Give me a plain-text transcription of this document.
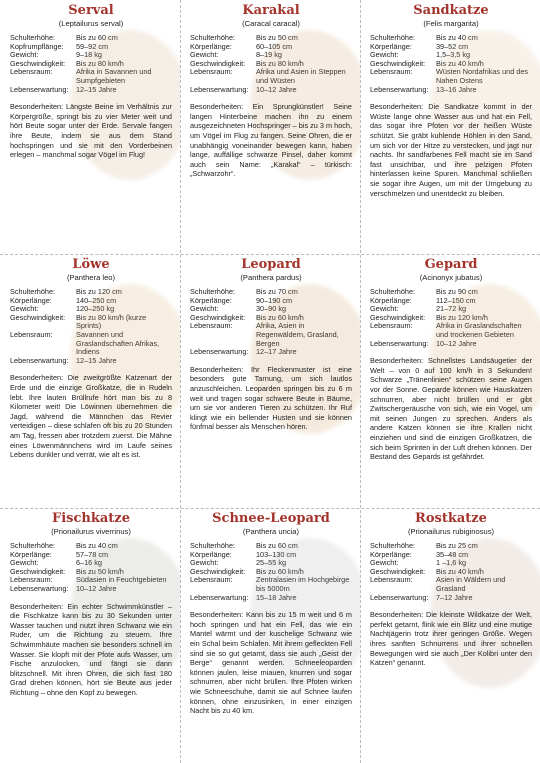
Serval
(Leptailurus serval)
Schulterhöhe:	Bis zu 60 cm
Kopfrumpflänge:	59–92 cm
Gewicht:	9–18 kg
Geschwindigkeit:	Bis zu 80 km/h
Lebensraum:	Afrika in Savannen und Sumpfgebieten
Lebenserwartung:	12–15 Jahre
Besonderheiten: Längste Beine im Verhältnis zur Körpergröße, springt bis zu vier Meter weit und hört Beute sogar unter der Erde. Servale fangen ihre Beute, indem sie aus dem Stand hochspringen und sie mit den Vorderbeinen erlegen – manchmal sogar Vögel im Flug!
Karakal
(Caracal caracal)
Schulterhöhe:	Bis zu 50 cm
Körperlänge:	60–105 cm
Gewicht:	8–19 kg
Geschwindigkeit:	Bis zu 80 km/h
Lebensraum:	Afrika und Asien in Steppen und Wüsten
Lebenserwartung:	10–12 Jahre
Besonderheiten: Ein Sprungkünstler! Seine langen Hinterbeine machen ihn zu einem ausgezeichneten Hochspringer – bis zu 3 m hoch, um Vögel im Flug zu fangen. Seine Ohren, die er unabhängig voneinander bewegen kann, haben lange, auffällige schwarze Pinsel, daher kommt auch sein Name: „Karakal“ – türkisch: „Schwarzohr“.
Sandkatze
(Felis margarita)
Schulterhöhe:	Bis zu 40 cm
Körperlänge:	39–52 cm
Gewicht:	1,5–3,5 kg
Geschwindigkeit:	Bis zu 40 km/h
Lebensraum:	Wüsten Nordafrikas und des Nahen Ostens
Lebenserwartung:	13–16 Jahre
Besonderheiten: Die Sandkatze kommt in der Wüste lange ohne Wasser aus und hat ein Fell, das sogar ihre Pfoten vor der heißen Wüste schützt. Sie gräbt kuhlende Höhlen in den Sand, um sich vor der Hitze zu verstecken, und jagt nur nachts. Ihr sandfarbenes Fell macht sie im Sand fast unsichtbar, und ihre pelzigen Pfoten hinterlassen keine Spuren. Manchmal schließen sie sogar ihre Augen, um mit der Umgebung zu verschmelzen und unentdeckt zu bleiben.
Löwe
(Panthera leo)
Schulterhöhe:	Bis zu 120 cm
Körperlänge:	140–250 cm
Gewicht:	120–250 kg
Geschwindigkeit:	Bis zu 80 km/h (kurze Sprints)
Lebensraum:	Savannen und Graslandschaften Afrikas, Indiens
Lebenserwartung:	12–15 Jahre
Besonderheiten: Die zweitgrößte Katzenart der Erde und die einzige Großkatze, die in Rudeln lebt. Ihre lauten Brüllrufe hört man bis zu 8 Kilometer weit! Die Löwinnen übernehmen die Jagd, während die Männchen das Revier verteidigen – diese schlafen oft bis zu 20 Stunden am Tag, fressen aber trotzdem zuerst. Die Mähne eines Löwenmännchens wird im Laufe seines Lebens dunkler und verrät, wie alt es ist.
Leopard
(Panthera pardus)
Schulterhöhe:	Bis zu 70 cm
Körperlänge:	90–190 cm
Gewicht:	30–90 kg
Geschwindigkeit:	Bis zu 60 km/h
Lebensraum:	Afrika, Asien in Regenwäldern, Grasland, Bergen
Lebenserwartung:	12–17 Jahre
Besonderheiten: Ihr Fleckenmuster ist eine besonders gute Tarnung, um sich lautlos anzuschleichen. Leoparden springen bis zu 6 m weit und tragen sogar schwere Beute in Bäume, um sie vor anderen Tieren zu schützen. Ihr Ruf klingt wie ein bellender Husten und sie können fünfmal besser als Menschen hören.
Gepard
(Acinonyx jubatus)
Schulterhöhe:	Bis zu 90 cm
Körperlänge:	112–150 cm
Gewicht:	21–72 kg
Geschwindigkeit:	Bis zu 120 km/h
Lebensraum:	Afrika in Graslandschaften und trockenen Gebieten
Lebenserwartung:	10–12 Jahre
Besonderheiten: Schnellstes Landsäugetier der Welt – von 0 auf 100 km/h in 3 Sekunden! Schwarze „Tränenlinien“ schützen seine Augen vor der Sonne. Geparde können wie Hauskatzen schnurren, aber nicht brüllen und er gibt Zwitschergeräusche von sich, wie ein Vogel, um mit seinen Jungen zu sprechen. Anders als andere Katzen können sie ihre Krallen nicht einziehen und sind die einzigen Großkatzen, die sich beim Sprinten in der Luft drehen können. Der Bestand des Gepards ist gefährdet.
Fischkatze
(Prionailurus viverrinus)
Schulterhöhe:	Bis zu 40 cm
Körperlänge:	57–78 cm
Gewicht:	6–16 kg
Geschwindigkeit:	Bis zu 50 km/h
Lebensraum:	Südasien in Feuchtgebieten
Lebenserwartung:	10–12 Jahre
Besonderheiten: Ein echter Schwimmkünstler – die Fischkatze kann bis zu 30 Sekunden unter Wasser tauchen und nutzt ihren Schwanz wie ein Ruder, um die Richtung zu steuern. Ihre Schwimmhäute machen sie besonders schnell im Wasser. Sie klopft mit der Pfote aufs Wasser, um Fische anzulocken, und fängt sie dann blitzschnell. Mit ihren Ohren, die sich fast 180 Grad drehen können, hört sie Beute aus jeder Richtung – ohne den Kopf zu bewegen.
Schnee-Leopard
(Panthera uncia)
Schulterhöhe:	Bis zu 60 cm
Körperlänge:	103–130 cm
Gewicht:	25–55 kg
Geschwindigkeit:	Bis zu 60 km/h
Lebensraum:	Zentralasien im Hochgebirge bis 5000m
Lebenserwartung:	15–18 Jahre
Besonderheiten: Kann bis zu 15 m weit und 6 m hoch springen und hat ein Fell, das wie ein Mantel wärmt und der kuschelige Schwanz wie ein Schal beim Schlafen. Mit ihrem gefleckten Fell sind sie so gut getarnt, dass sie auch „Geist der Berge“ genannt werden. Schneeleoparden können jaulen, leise miauen, knurren und sogar schnurren, aber nicht brüllen. Ihre Pfoten wirken wie Schneeschuhe, damit sie auf Schnee laufen können, ohne einzusinken, in einer einzigen Nacht bis zu 40 km.
Rostkatze
(Prionailurus rubiginosus)
Schulterhöhe:	Bis zu 25 cm
Körperlänge:	35–48 cm
Gewicht:	1 –1,6 kg
Geschwindigkeit:	Bis zu 40 km/h
Lebensraum:	Asien in Wäldern und Grasland
Lebenserwartung:	7–12 Jahre
Besonderheiten: Die kleinste Wildkatze der Welt, perfekt getarnt, flink wie ein Blitz und eine mutige Nachtjägerin trotz ihrer geringen Größe. Wegen ihres sanften Schnurrens und ihrer schnellen Bewegungen wird sie auch „Der Kolibri unter den Katzen“ genannt.
